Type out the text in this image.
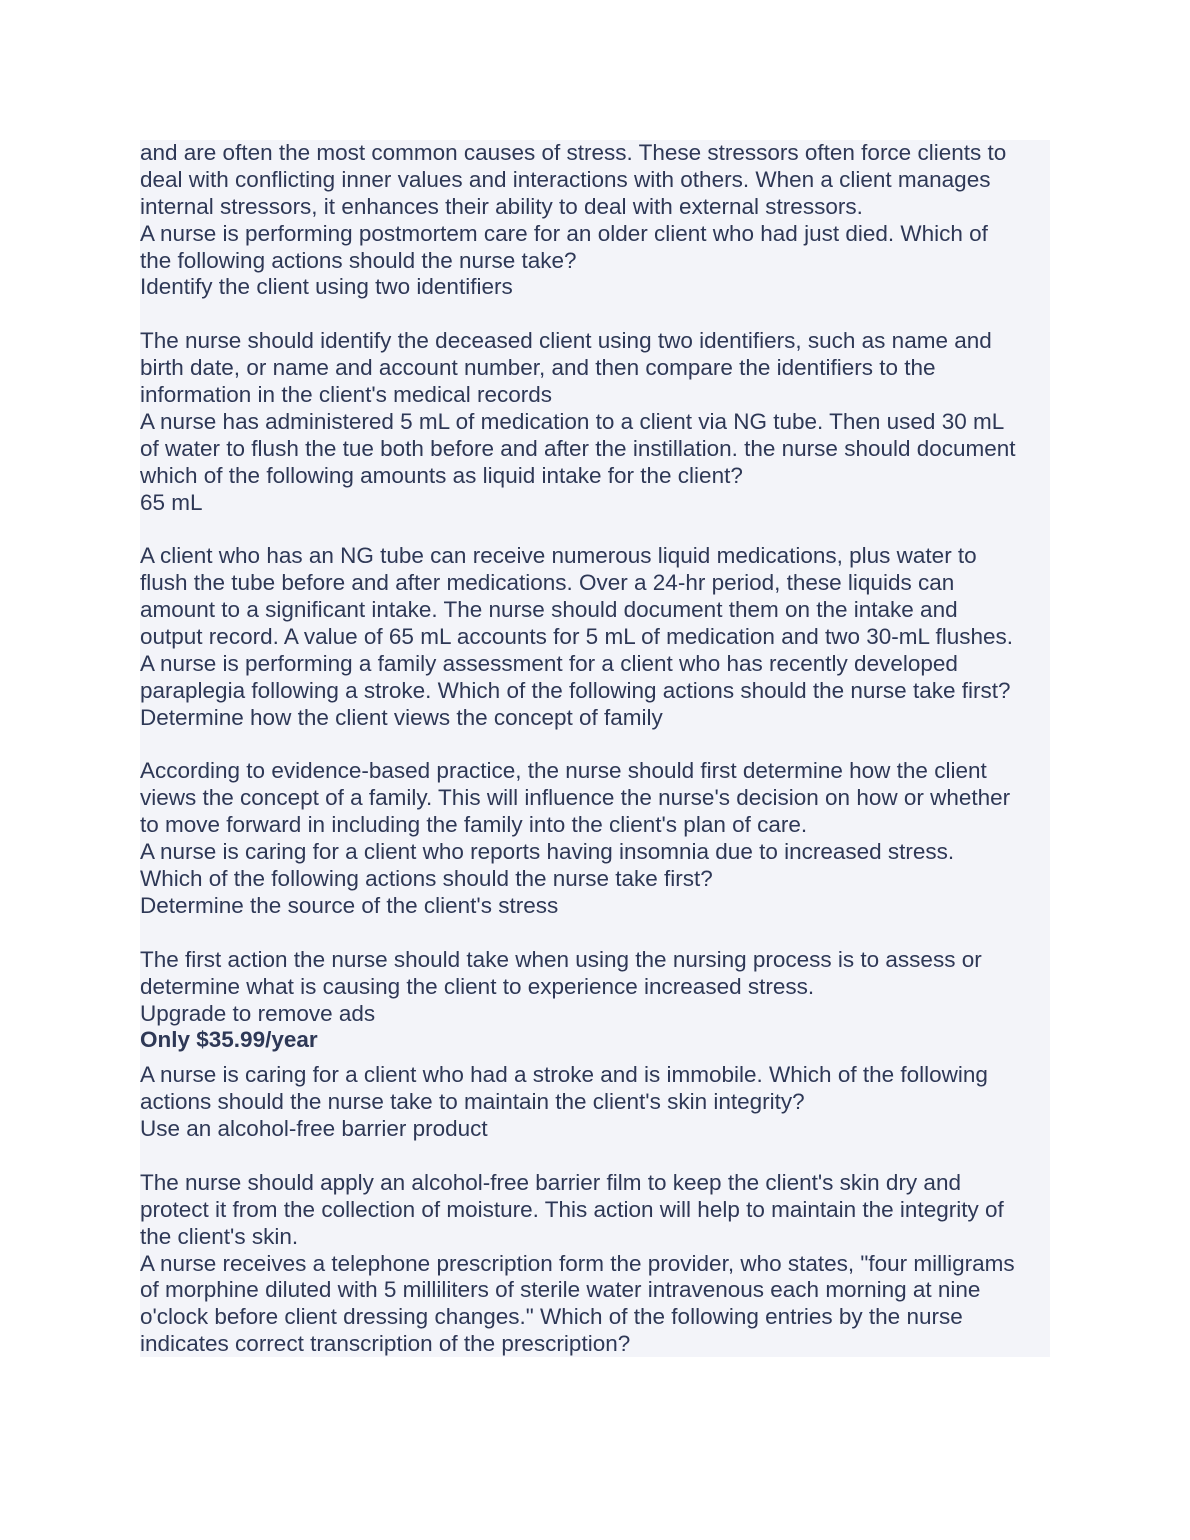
and are often the most common causes of stress. These stressors often force clients to
deal with conflicting inner values and interactions with others. When a client manages
internal stressors, it enhances their ability to deal with external stressors.
A nurse is performing postmortem care for an older client who had just died. Which of
the following actions should the nurse take?
Identify the client using two identifiers
The nurse should identify the deceased client using two identifiers, such as name and
birth date, or name and account number, and then compare the identifiers to the
information in the client's medical records
A nurse has administered 5 mL of medication to a client via NG tube. Then used 30 mL
of water to flush the tue both before and after the instillation. the nurse should document
which of the following amounts as liquid intake for the client?
65 mL
A client who has an NG tube can receive numerous liquid medications, plus water to
flush the tube before and after medications. Over a 24-hr period, these liquids can
amount to a significant intake. The nurse should document them on the intake and
output record. A value of 65 mL accounts for 5 mL of medication and two 30-mL flushes.
A nurse is performing a family assessment for a client who has recently developed
paraplegia following a stroke. Which of the following actions should the nurse take first?
Determine how the client views the concept of family
According to evidence-based practice, the nurse should first determine how the client
views the concept of a family. This will influence the nurse's decision on how or whether
to move forward in including the family into the client's plan of care.
A nurse is caring for a client who reports having insomnia due to increased stress.
Which of the following actions should the nurse take first?
Determine the source of the client's stress
The first action the nurse should take when using the nursing process is to assess or
determine what is causing the client to experience increased stress.
Upgrade to remove ads
Only $35.99/year
A nurse is caring for a client who had a stroke and is immobile. Which of the following
actions should the nurse take to maintain the client's skin integrity?
Use an alcohol-free barrier product
The nurse should apply an alcohol-free barrier film to keep the client's skin dry and
protect it from the collection of moisture. This action will help to maintain the integrity of
the client's skin.
A nurse receives a telephone prescription form the provider, who states, "four milligrams
of morphine diluted with 5 milliliters of sterile water intravenous each morning at nine
o'clock before client dressing changes." Which of the following entries by the nurse
indicates correct transcription of the prescription?
